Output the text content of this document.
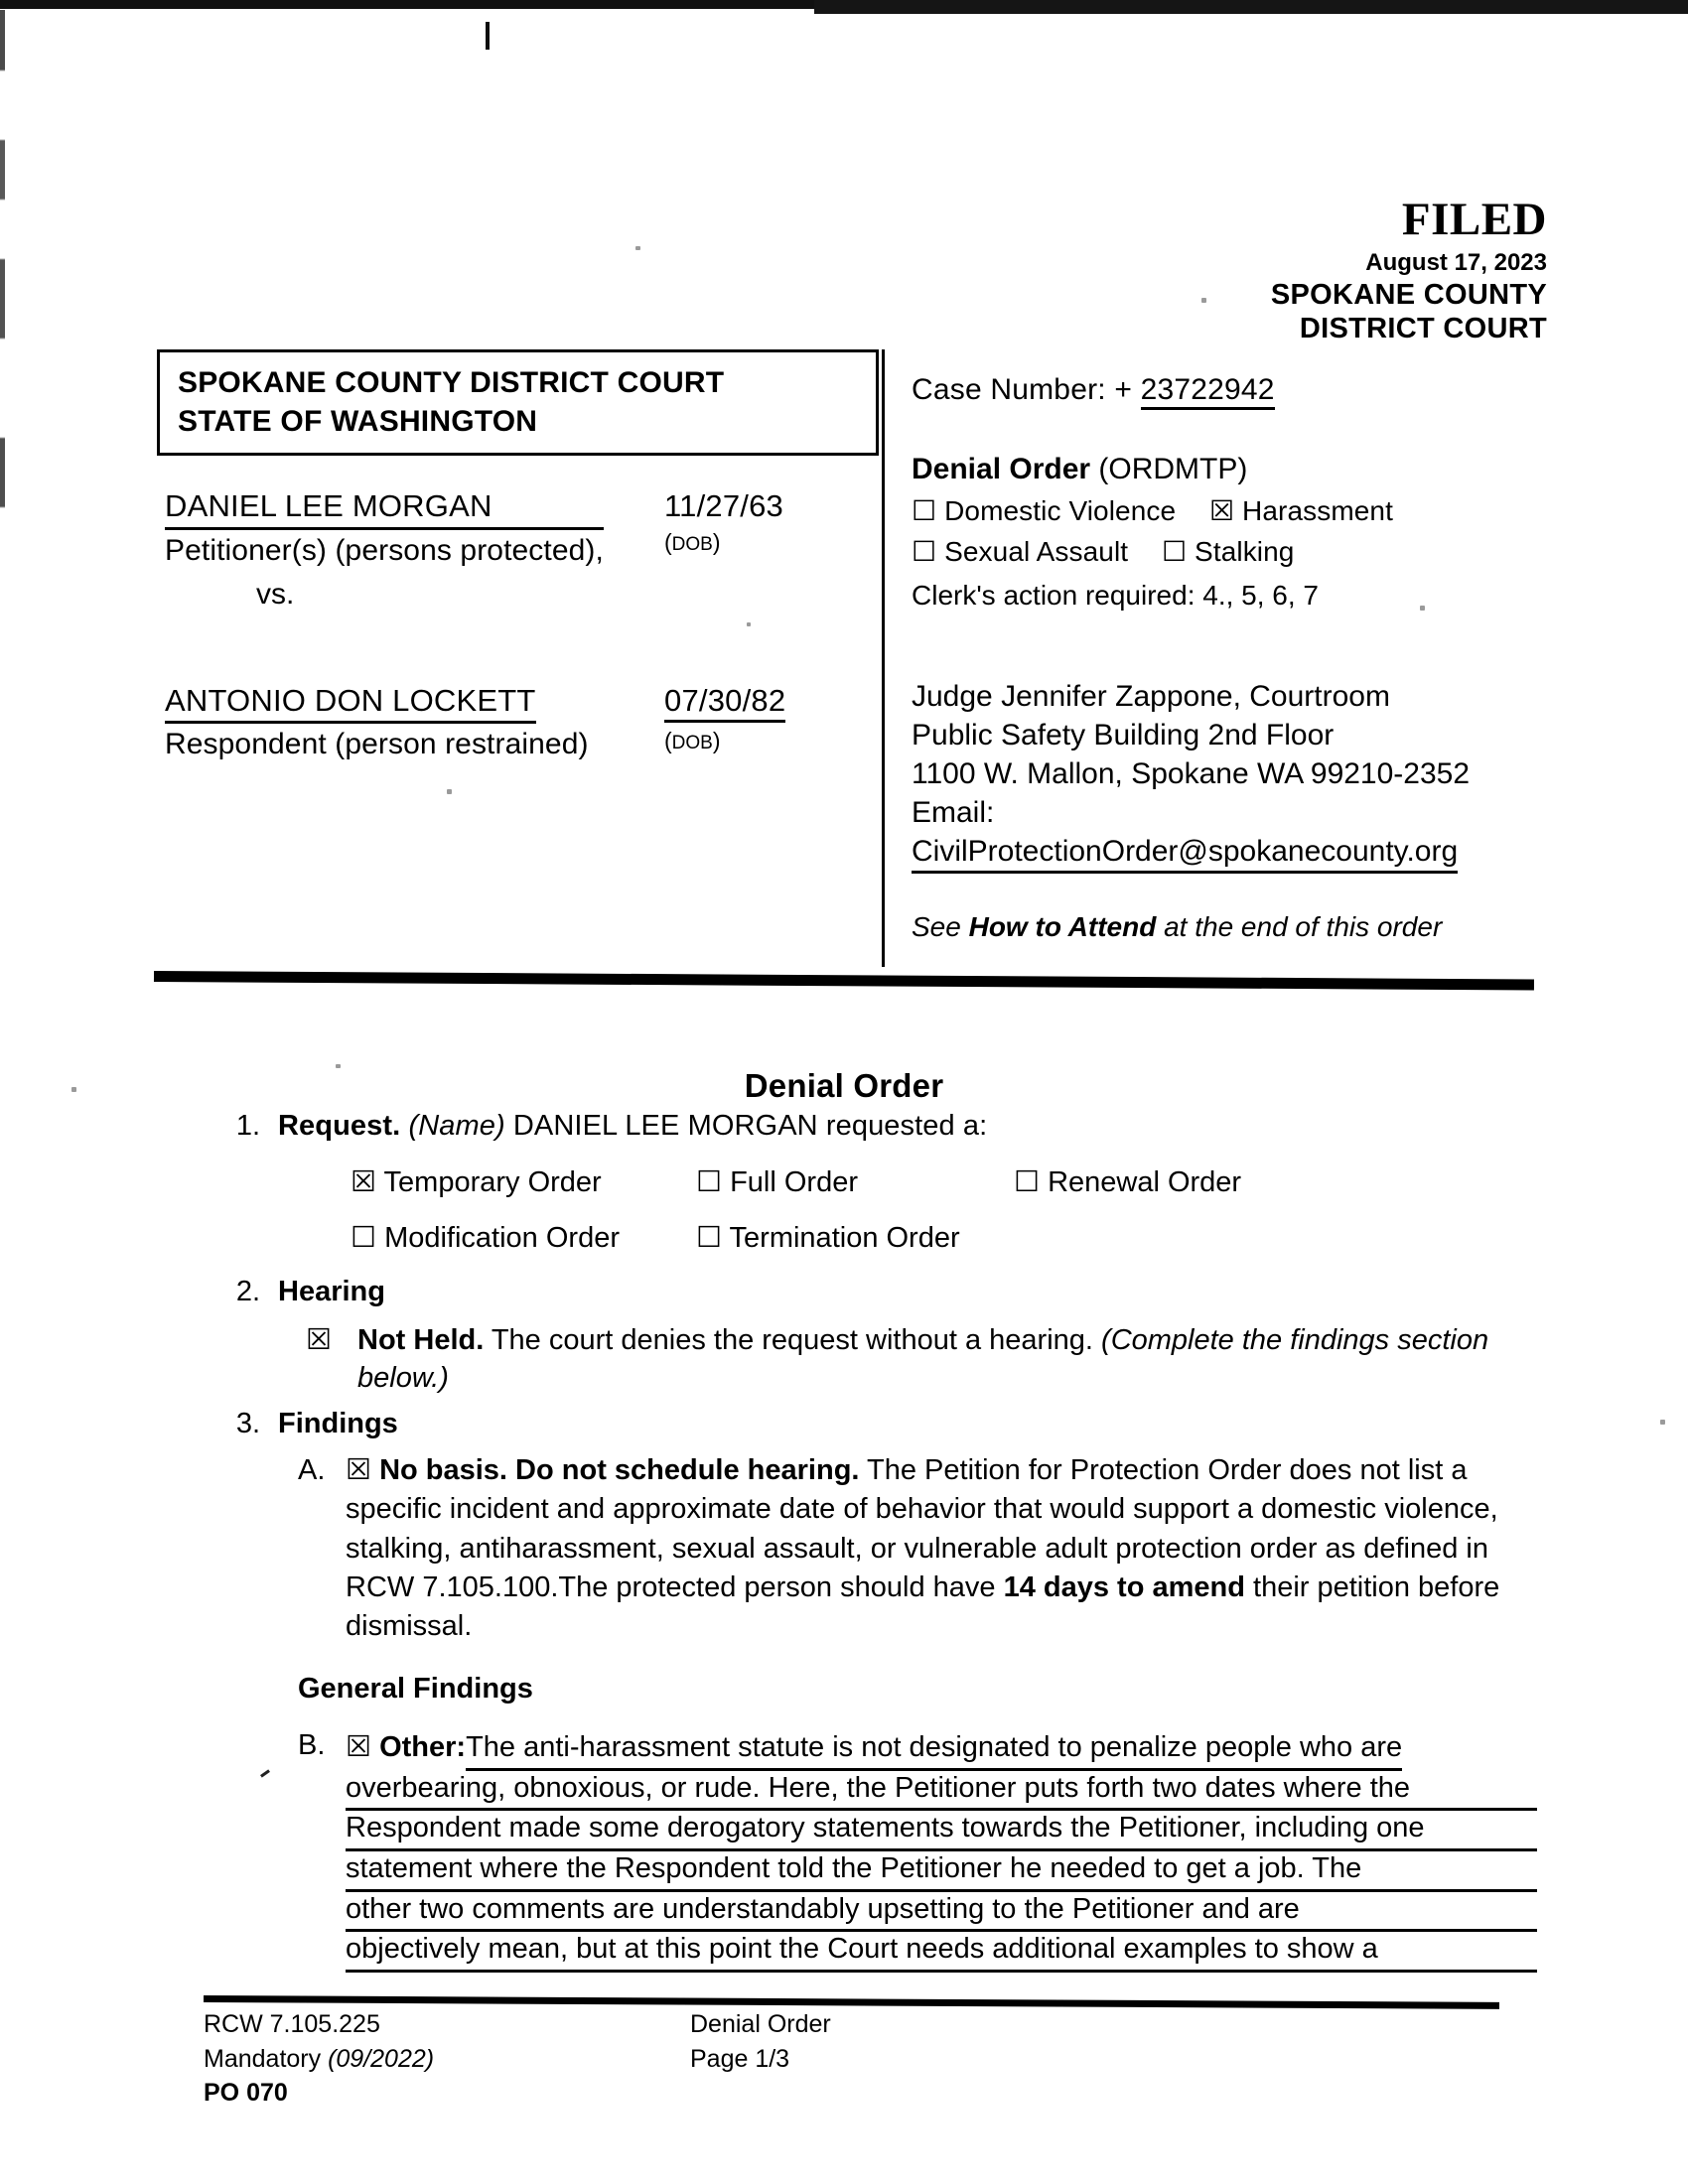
FILED
August 17, 2023
SPOKANE COUNTY
DISTRICT COURT
SPOKANE COUNTY DISTRICT COURT
STATE OF WASHINGTON
DANIEL LEE MORGAN
Petitioner(s) (persons protected),
vs.
11/27/63
(DOB)
ANTONIO DON LOCKETT
Respondent (person restrained)
07/30/82
(DOB)
Case Number: + 23722942
Denial Order (ORDMTP)
☐ Domestic Violence ☒ Harassment
☐ Sexual Assault ☐ Stalking
Clerk's action required: 4., 5, 6, 7
Judge Jennifer Zappone, Courtroom
Public Safety Building 2nd Floor
1100 W. Mallon, Spokane WA 99210-2352
Email:
CivilProtectionOrder@spokanecounty.org
See How to Attend at the end of this order
Denial Order
1. Request. (Name) DANIEL LEE MORGAN requested a:
☒ Temporary Order	☐ Full Order	☐ Renewal Order
☐ Modification Order	☐ Termination Order
2. Hearing
☒ Not Held. The court denies the request without a hearing. (Complete the findings section below.)
3. Findings
A. ☒ No basis. Do not schedule hearing. The Petition for Protection Order does not list a specific incident and approximate date of behavior that would support a domestic violence, stalking, antiharassment, sexual assault, or vulnerable adult protection order as defined in RCW 7.105.100.The protected person should have 14 days to amend their petition before dismissal.
General Findings
B. ☒ Other:The anti-harassment statute is not designated to penalize people who are
overbearing, obnoxious, or rude. Here, the Petitioner puts forth two dates where the
Respondent made some derogatory statements towards the Petitioner, including one
statement where the Respondent told the Petitioner he needed to get a job. The
other two comments are understandably upsetting to the Petitioner and are
objectively mean, but at this point the Court needs additional examples to show a
RCW 7.105.225
Mandatory (09/2022)
PO 070
Denial Order
Page 1/3
